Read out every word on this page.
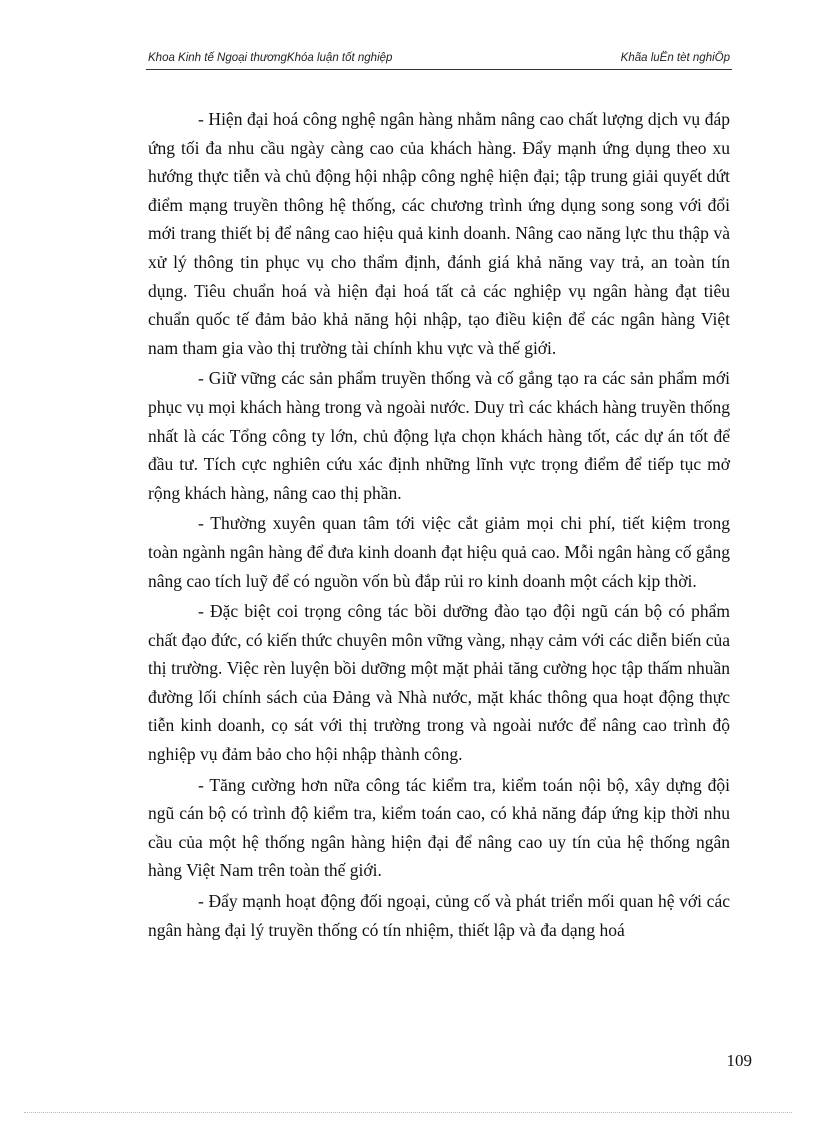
Khoa Kinh tế Ngoại thươngKhóa luận tốt nghiệp	Khãa luËn tèt nghiÖp

- Hiện đại hoá công nghệ ngân hàng nhằm nâng cao chất lượng dịch vụ đáp ứng tối đa nhu cầu ngày càng cao của khách hàng. Đẩy mạnh ứng dụng theo xu hướng thực tiễn và chủ động hội nhập công nghệ hiện đại; tập trung giải quyết dứt điểm mạng truyền thông hệ thống, các chương trình ứng dụng song song với đổi mới trang thiết bị để nâng cao hiệu quả kinh doanh. Nâng cao năng lực thu thập và xử lý thông tin phục vụ cho thẩm định, đánh giá khả năng vay trả, an toàn tín dụng. Tiêu chuẩn hoá và hiện đại hoá tất cả các nghiệp vụ ngân hàng đạt tiêu chuẩn quốc tế đảm bảo khả năng hội nhập, tạo điều kiện để các ngân hàng Việt nam tham gia vào thị trường tài chính khu vực và thế giới.

- Giữ vững các sản phẩm truyền thống và cố gắng tạo ra các sản phẩm mới phục vụ mọi khách hàng trong và ngoài nước. Duy trì các khách hàng truyền thống nhất là các Tổng công ty lớn, chủ động lựa chọn khách hàng tốt, các dự án tốt để đầu tư. Tích cực nghiên cứu xác định những lĩnh vực trọng điểm để tiếp tục mở rộng khách hàng, nâng cao thị phần.

- Thường xuyên quan tâm tới việc cắt giảm mọi chi phí, tiết kiệm trong toàn ngành ngân hàng để đưa kinh doanh đạt hiệu quả cao. Mỗi ngân hàng cố gắng nâng cao tích luỹ để có nguồn vốn bù đắp rủi ro kinh doanh một cách kịp thời.

- Đặc biệt coi trọng công tác bồi dưỡng đào tạo đội ngũ cán bộ có phẩm chất đạo đức, có kiến thức chuyên môn vững vàng, nhạy cảm với các diễn biến của thị trường. Việc rèn luyện bồi dưỡng một mặt phải tăng cường học tập thấm nhuần đường lối chính sách của Đảng và Nhà nước, mặt khác thông qua hoạt động thực tiễn kinh doanh, cọ sát với thị trường trong và ngoài nước để nâng cao trình độ nghiệp vụ đảm bảo cho hội nhập thành công.

- Tăng cường hơn nữa công tác kiểm tra, kiểm toán nội bộ, xây dựng đội ngũ cán bộ có trình độ kiểm tra, kiểm toán cao, có khả năng đáp ứng kịp thời nhu cầu của một hệ thống ngân hàng hiện đại để nâng cao uy tín của hệ thống ngân hàng Việt Nam trên toàn thế giới.

- Đẩy mạnh hoạt động đối ngoại, củng cố và phát triển mối quan hệ với các ngân hàng đại lý truyền thống có tín nhiệm, thiết lập và đa dạng hoá

109
